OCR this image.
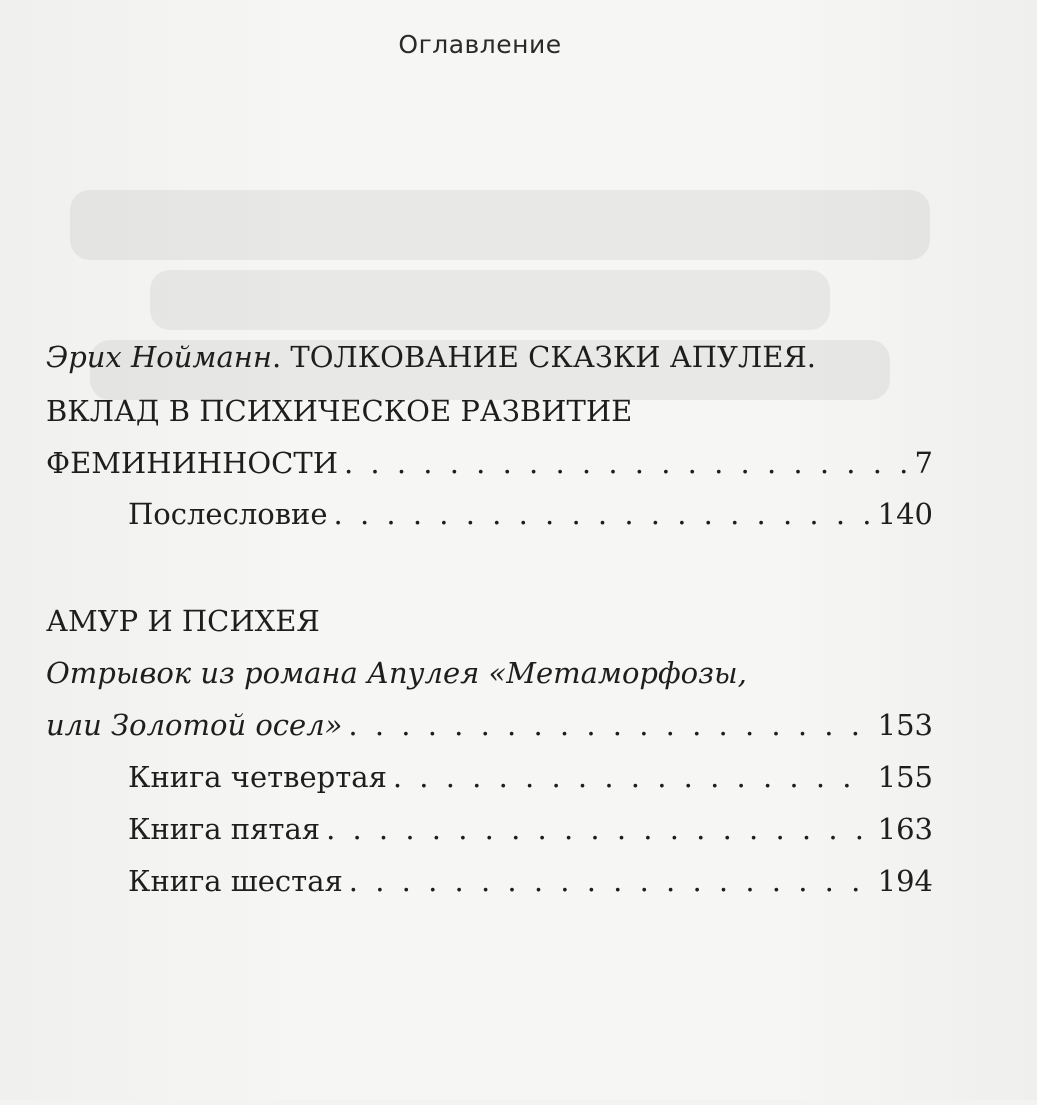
Оглавление
Эрих Нойманн. ТОЛКОВАНИЕ СКАЗКИ АПУЛЕЯ.
ВКЛАД В ПСИХИЧЕСКОЕ РАЗВИТИЕ
ФЕМИНИННОСТИ . . .	7
Послесловие . . .	140
АМУР И ПСИХЕЯ
Отрывок из романа Апулея «Метаморфозы,
или Золотой осел» . . .	153
Книга четвертая . . .	155
Книга пятая . . .	163
Книга шестая . . .	194
